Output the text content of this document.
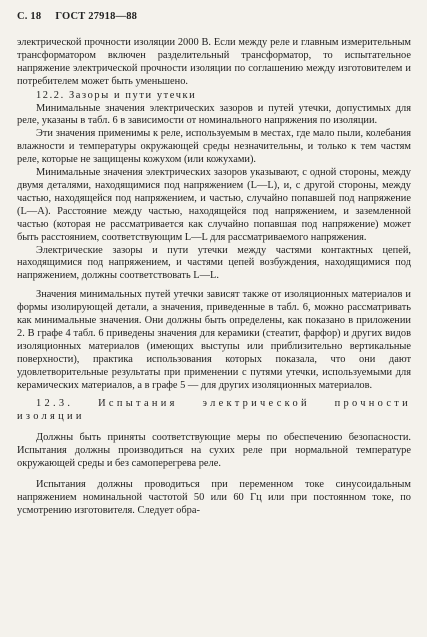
С. 18 ГОСТ 27918—88

электрической прочности изоляции 2000 В. Если между реле и главным измерительным трансформатором включен разделительный трансформатор, то испытательное напряжение электрической прочности изоляции по соглашению между изготовителем и потребителем может быть уменьшено.

12.2. Зазоры и пути утечки

Минимальные значения электрических зазоров и путей утечки, допустимых для реле, указаны в табл. 6 в зависимости от номинального напряжения по изоляции.

Эти значения применимы к реле, используемым в местах, где мало пыли, колебания влажности и температуры окружающей среды незначительны, и только к тем частям реле, которые не защищены кожухом (или кожухами).

Минимальные значения электрических зазоров указывают, с одной стороны, между двумя деталями, находящимися под напряжением (L—L), и, с другой стороны, между частью, находящейся под напряжением, и частью, случайно попавшей под напряжение (L—A). Расстояние между частью, находящейся под напряжением, и заземленной частью (которая не рассматривается как случайно попавшая под напряжение) может быть расстоянием, соответствующим L—L для рассматриваемого напряжения.

Электрические зазоры и пути утечки между частями контактных цепей, находящимися под напряжением, и частями цепей возбуждения, находящимися под напряжением, должны соответствовать L—L.

Значения минимальных путей утечки зависят также от изоляционных материалов и формы изолирующей детали, а значения, приведенные в табл. 6, можно рассматривать как минимальные значения. Они должны быть определены, как показано в приложении 2. В графе 4 табл. 6 приведены значения для керамики (стеатит, фарфор) и других видов изоляционных материалов (имеющих выступы или приблизительно вертикальные поверхности), практика использования которых показала, что они дают удовлетворительные результаты при применении с путями утечки, используемыми для керамических материалов, а в графе 5 — для других изоляционных материалов.

12.3. Испытания электрической прочности изоляции

Должны быть приняты соответствующие меры по обеспечению безопасности. Испытания должны производиться на сухих реле при нормальной температуре окружающей среды и без самоперегрева реле.

Испытания должны проводиться при переменном токе синусоидальным напряжением номинальной частотой 50 или 60 Гц или при постоянном токе, по усмотрению изготовителя. Следует обра-
